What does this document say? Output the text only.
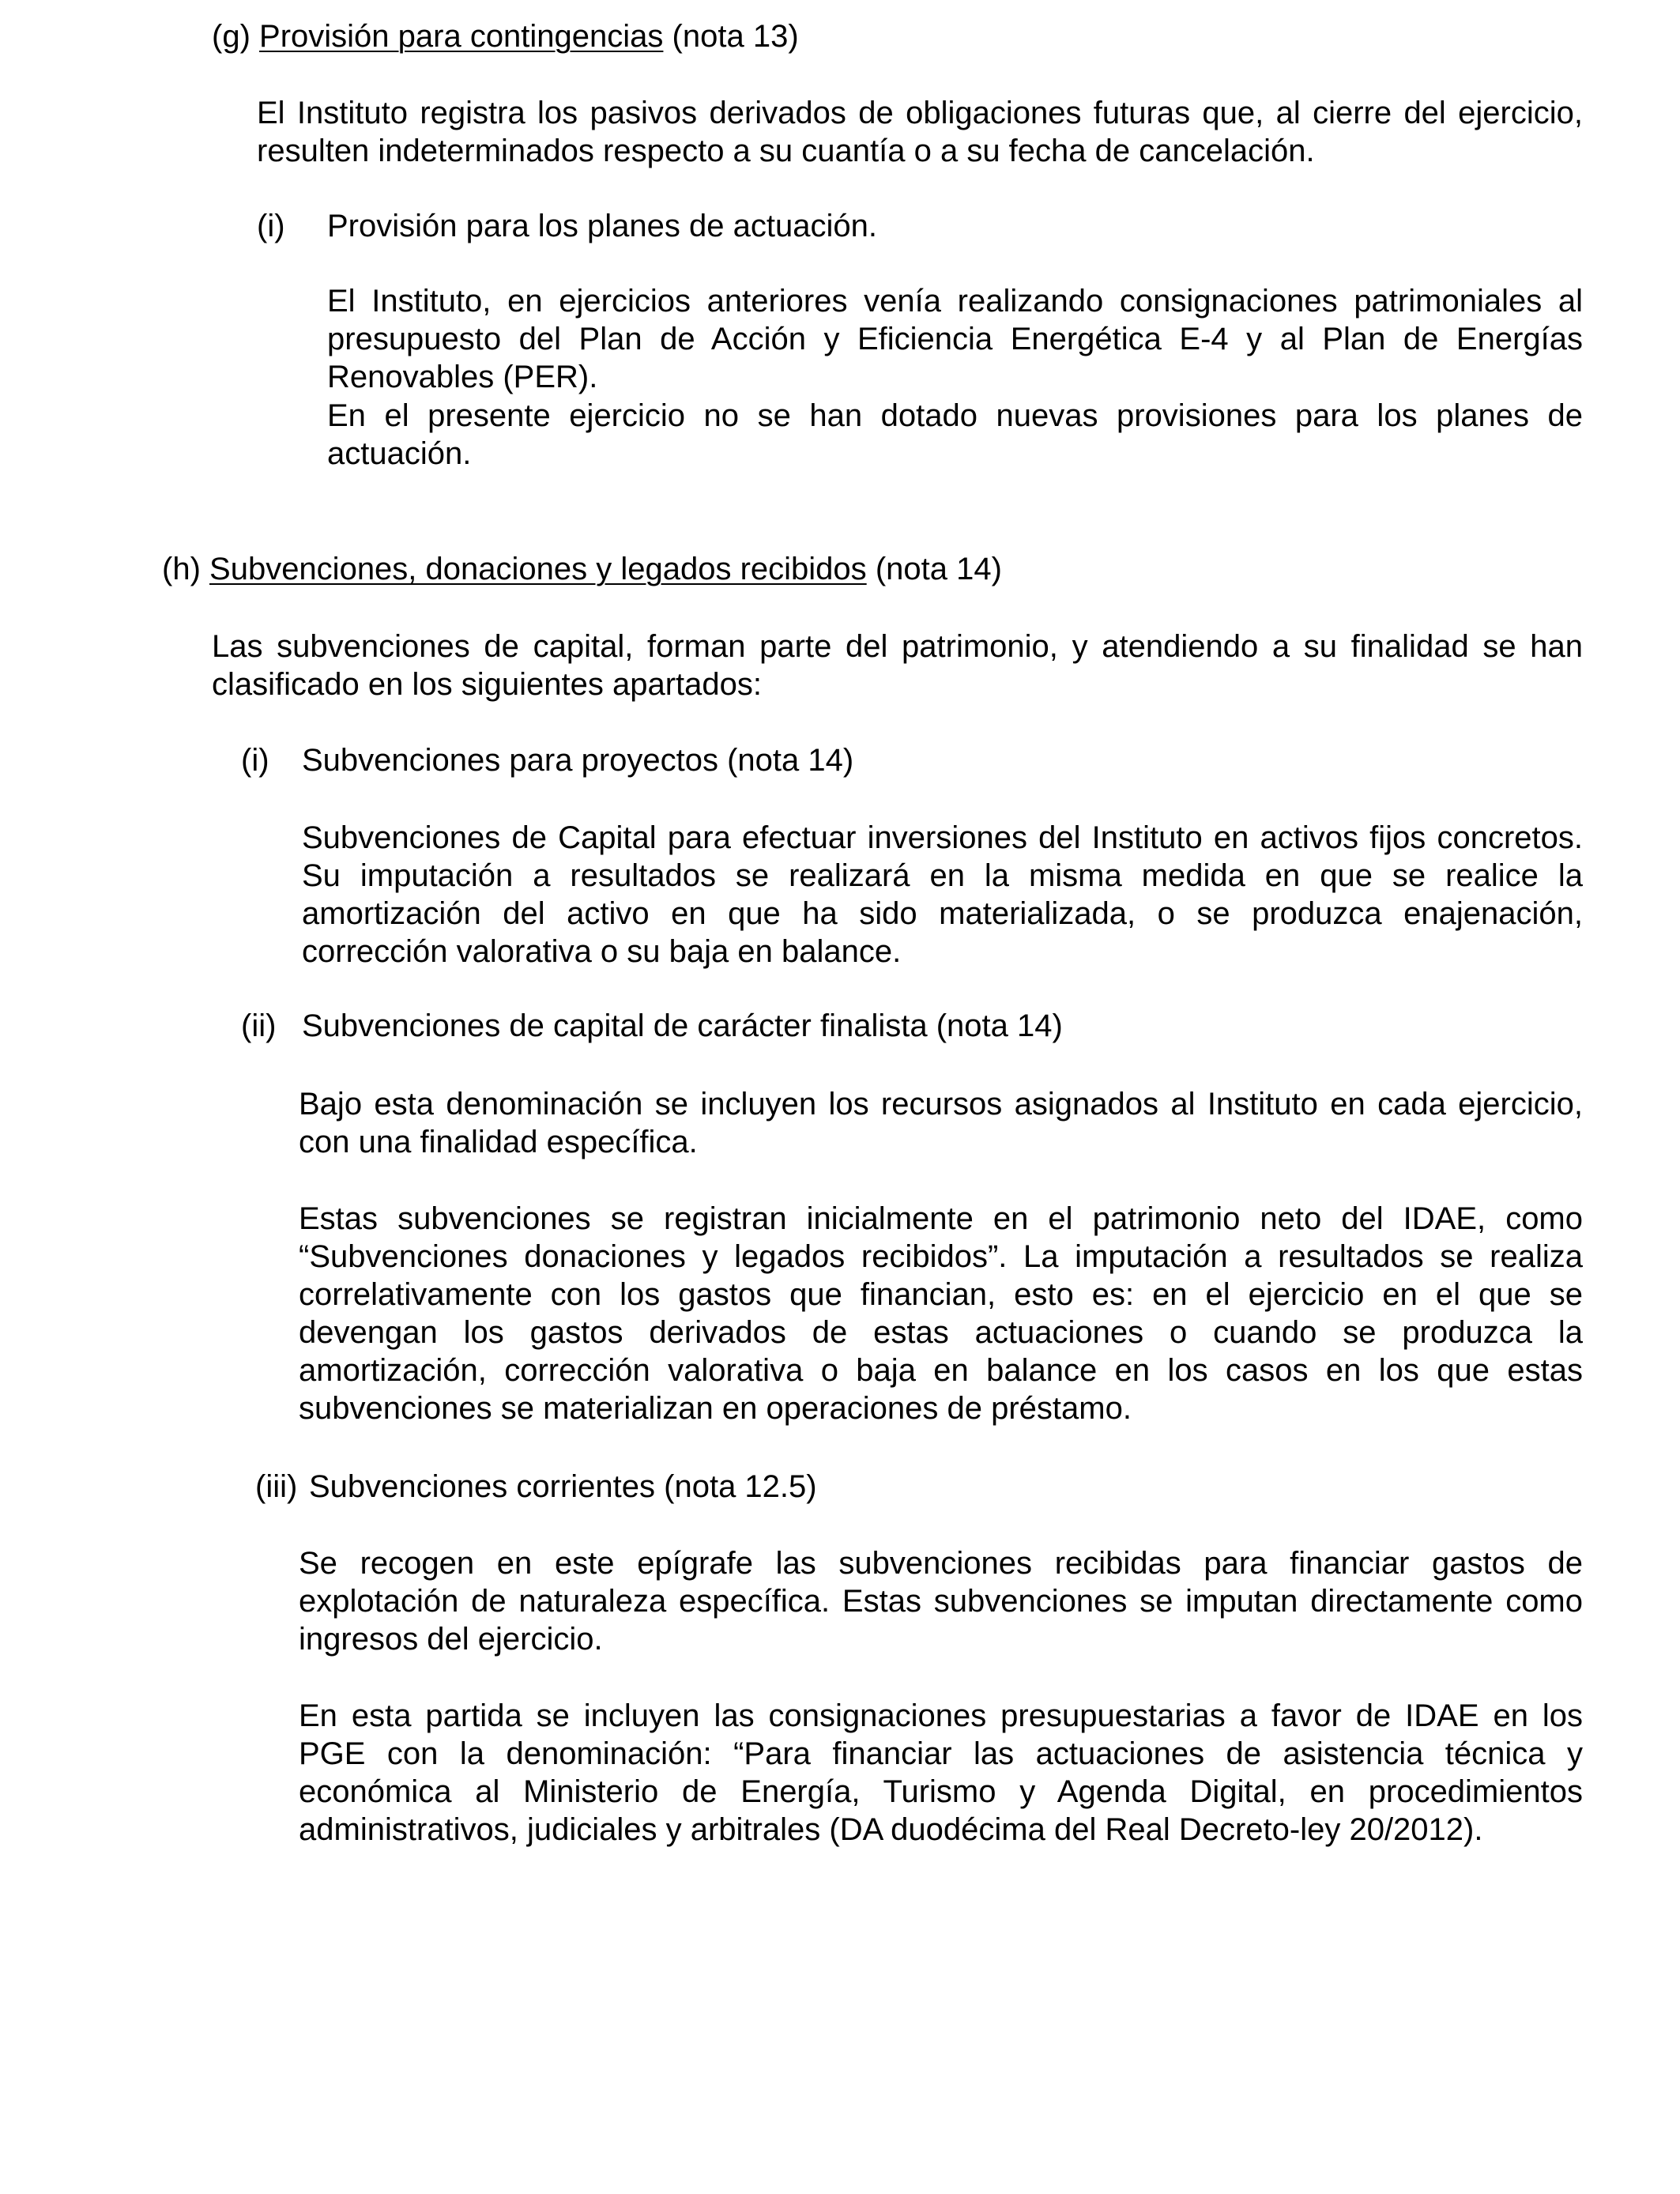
(g) Provisión para contingencias (nota 13)

El Instituto registra los pasivos derivados de obligaciones futuras que, al cierre del ejercicio, resulten indeterminados respecto a su cuantía o a su fecha de cancelación.

(i) Provisión para los planes de actuación.

El Instituto, en ejercicios anteriores venía realizando consignaciones patrimoniales al presupuesto del Plan de Acción y Eficiencia Energética E-4 y al Plan de Energías Renovables (PER).

En el presente ejercicio no se han dotado nuevas provisiones para los planes de actuación.

(h) Subvenciones, donaciones y legados recibidos (nota 14)

Las subvenciones de capital, forman parte del patrimonio, y atendiendo a su finalidad se han clasificado en los siguientes apartados:

(i) Subvenciones para proyectos (nota 14)

Subvenciones de Capital para efectuar inversiones del Instituto en activos fijos concretos. Su imputación a resultados se realizará en la misma medida en que se realice la amortización del activo en que ha sido materializada, o se produzca enajenación, corrección valorativa o su baja en balance.

(ii) Subvenciones de capital de carácter finalista (nota 14)

Bajo esta denominación se incluyen los recursos asignados al Instituto en cada ejercicio, con una finalidad específica.

Estas subvenciones se registran inicialmente en el patrimonio neto del IDAE, como “Subvenciones donaciones y legados recibidos”. La imputación a resultados se realiza correlativamente con los gastos que financian, esto es: en el ejercicio en el que se devengan los gastos derivados de estas actuaciones o cuando se produzca la amortización, corrección valorativa o baja en balance en los casos en los que estas subvenciones se materializan en operaciones de préstamo.

(iii) Subvenciones corrientes (nota 12.5)

Se recogen en este epígrafe las subvenciones recibidas para financiar gastos de explotación de naturaleza específica. Estas subvenciones se imputan directamente como ingresos del ejercicio.

En esta partida se incluyen las consignaciones presupuestarias a favor de IDAE en los PGE con la denominación: “Para financiar las actuaciones de asistencia técnica y económica al Ministerio de Energía, Turismo y Agenda Digital, en procedimientos administrativos, judiciales y arbitrales (DA duodécima del Real Decreto-ley 20/2012).
